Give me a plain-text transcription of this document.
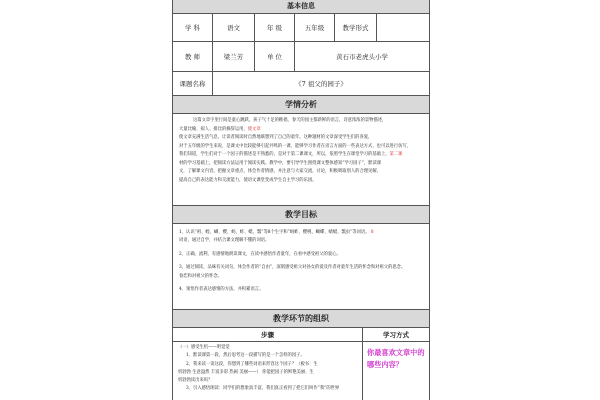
基本信息
学 科	语文	年 级	五年级	教学形式
教 师	梁兰芳	单 位	黄石市老虎头小学
课题名称	《7 祖父的园子》
学情分析
这篇文章字里行间是童心跳跃，孩子气十足的稚拙，春天的园主都新鲜的语言，诗意浓浓的景物描述，
大量比喻、拟人、排比的修辞运用，使文章
使文章充满生活气息，让读者阅读时自然地联想到了自己的童年。这种题材的文章深受学生们的喜爱，
对于五年级的学生来说，是课文中比较能够引起共鸣的一课，能够学习作者在语言方面的一些表达方式，也可以进行仿写，
我们知道，学生们对于一个园子的描述是不熟悉的，是对于第二课课文，所以，依照学生在课堂学习的基础上，第二课
材的学习基础上，把阅读方法运用于阅读实践。教学中，要引导学生围绕课文整体感知“学习园子”，默读课
文，了解课文内容，把握文章重点，体会作者情感，并注意与大家交流，讨论，积极吸取别人的合理见解，
提高自己的表达能力和交流能力，使语文课堂变成学生自主学习的乐园。
教学目标
1、认识“祖、蝗、蝴、樱、蚂、蚱、蜡、瓢”等8个生字和“蚂蚱、樱桃、蝴蝶、蜻蜓、瓢虫”等词语。 8
词语，通过自学，并结合课文理解不懂的词语。
2、正确、流利，有感情地朗读课文，在读中感悟作者童年，在看中感受祖父的爱心。
3、通过阅读，品味有关词句，体会作者的“自由”，深刻感受祖父对孙女的爱及作者对童年生活的怀念和对祖父的思念。
眷恋和对祖父的怀念。
4、领悟作者表达感情的方法，并积累语言。
教学环节的组织
步骤	学习方式
（一）感受生机——明觉觉
1、默读课第一段，然后思考这一段描写的是一个怎样的园子。
2、我来读一读这段，你想到了哪些词语来形容这个园子？（板书：生
机勃勃 生意盎然 丰富多彩 热闹 美丽——） 你能把园子的鲜艳美丽、生
机勃勃读出来吗？
3、引入感悟朗读：同学们的想象真丰富，我们真正看到了把它们叫作“我”的世界
你最喜欢文章中的哪些内容？
